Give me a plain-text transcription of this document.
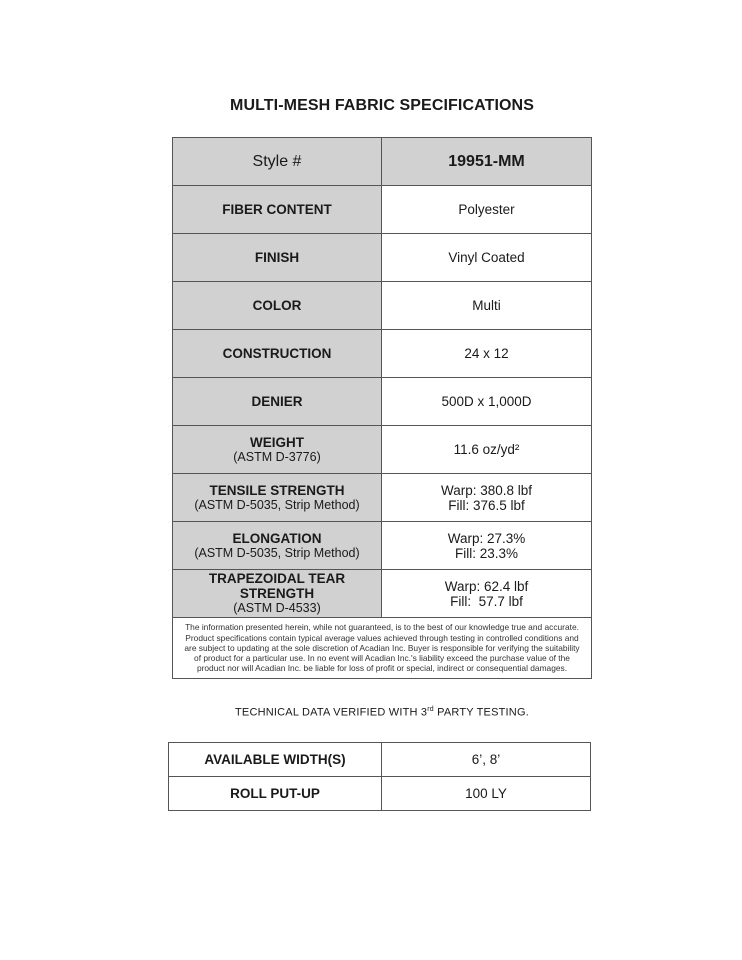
MULTI-MESH FABRIC SPECIFICATIONS
Style #	19951-MM
FIBER CONTENT	Polyester
FINISH	Vinyl Coated
COLOR	Multi
CONSTRUCTION	24 x 12
DENIER	500D x 1,000D

WEIGHT
(ASTM D-3776)	11.6 oz/yd²

TENSILE STRENGTH
(ASTM D-5035, Strip Method)	Warp: 380.8 lbf
Fill: 376.5 lbf

ELONGATION
(ASTM D-5035, Strip Method)	Warp: 27.3%
Fill: 23.3%

TRAPEZOIDAL TEAR
STRENGTH
(ASTM D-4533)	Warp: 62.4 lbf
Fill:  57.7 lbf

The information presented herein, while not guaranteed, is to the best of our knowledge true and accurate. Product specifications contain typical average values achieved through testing in controlled conditions and are subject to updating at the sole discretion of Acadian Inc. Buyer is responsible for verifying the suitability of product for a particular use. In no event will Acadian Inc.'s liability exceed the purchase value of the product nor will Acadian Inc. be liable for loss of profit or special, indirect or consequential damages.	
TECHNICAL DATA VERIFIED WITH 3rd PARTY TESTING.
AVAILABLE WIDTH(S)	6’, 8’
ROLL PUT-UP	100 LY
